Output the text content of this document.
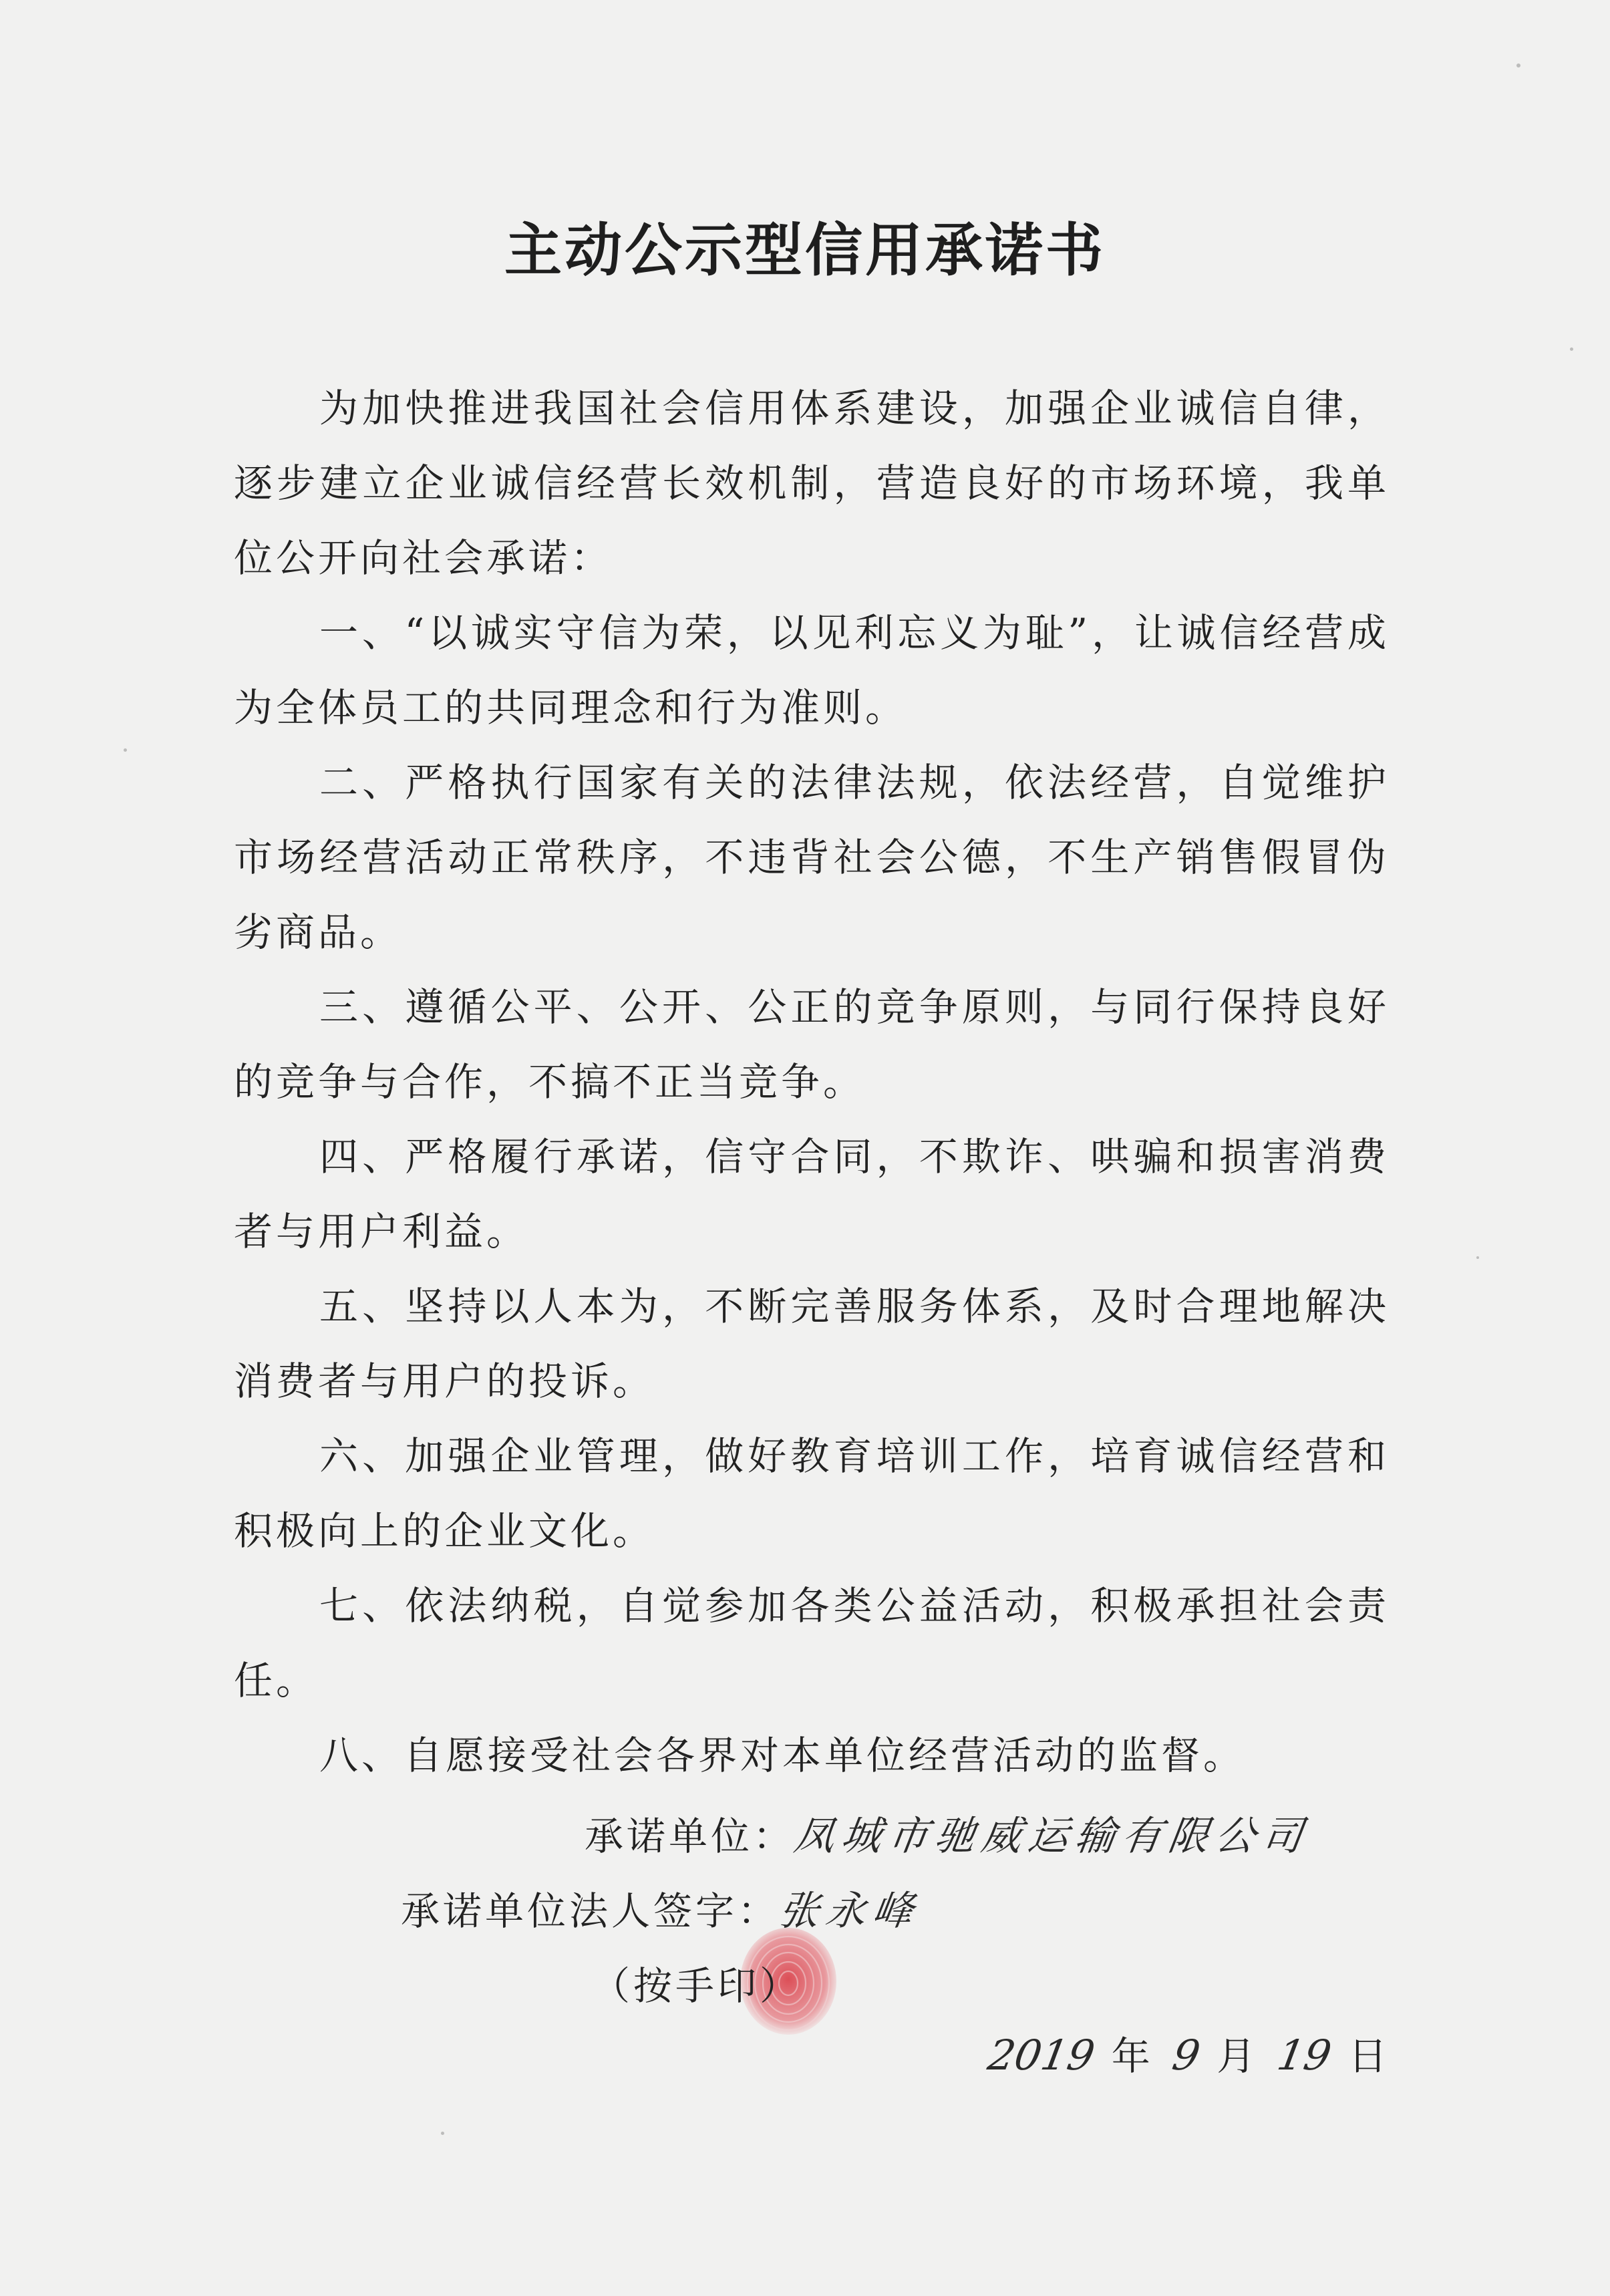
主动公示型信用承诺书

为加快推进我国社会信用体系建设，加强企业诚信自律，逐步建立企业诚信经营长效机制，营造良好的市场环境，我单位公开向社会承诺：

一、“以诚实守信为荣，以见利忘义为耻”，让诚信经营成为全体员工的共同理念和行为准则。

二、严格执行国家有关的法律法规，依法经营，自觉维护市场经营活动正常秩序，不违背社会公德，不生产销售假冒伪劣商品。

三、遵循公平、公开、公正的竞争原则，与同行保持良好的竞争与合作，不搞不正当竞争。

四、严格履行承诺，信守合同，不欺诈、哄骗和损害消费者与用户利益。

五、坚持以人本为，不断完善服务体系，及时合理地解决消费者与用户的投诉。

六、加强企业管理，做好教育培训工作，培育诚信经营和积极向上的企业文化。

七、依法纳税，自觉参加各类公益活动，积极承担社会责任。

八、自愿接受社会各界对本单位经营活动的监督。

承诺单位：凤城市驰威运输有限公司
承诺单位法人签字：张永峰
（按手印）
2019 年 9 月 19 日
